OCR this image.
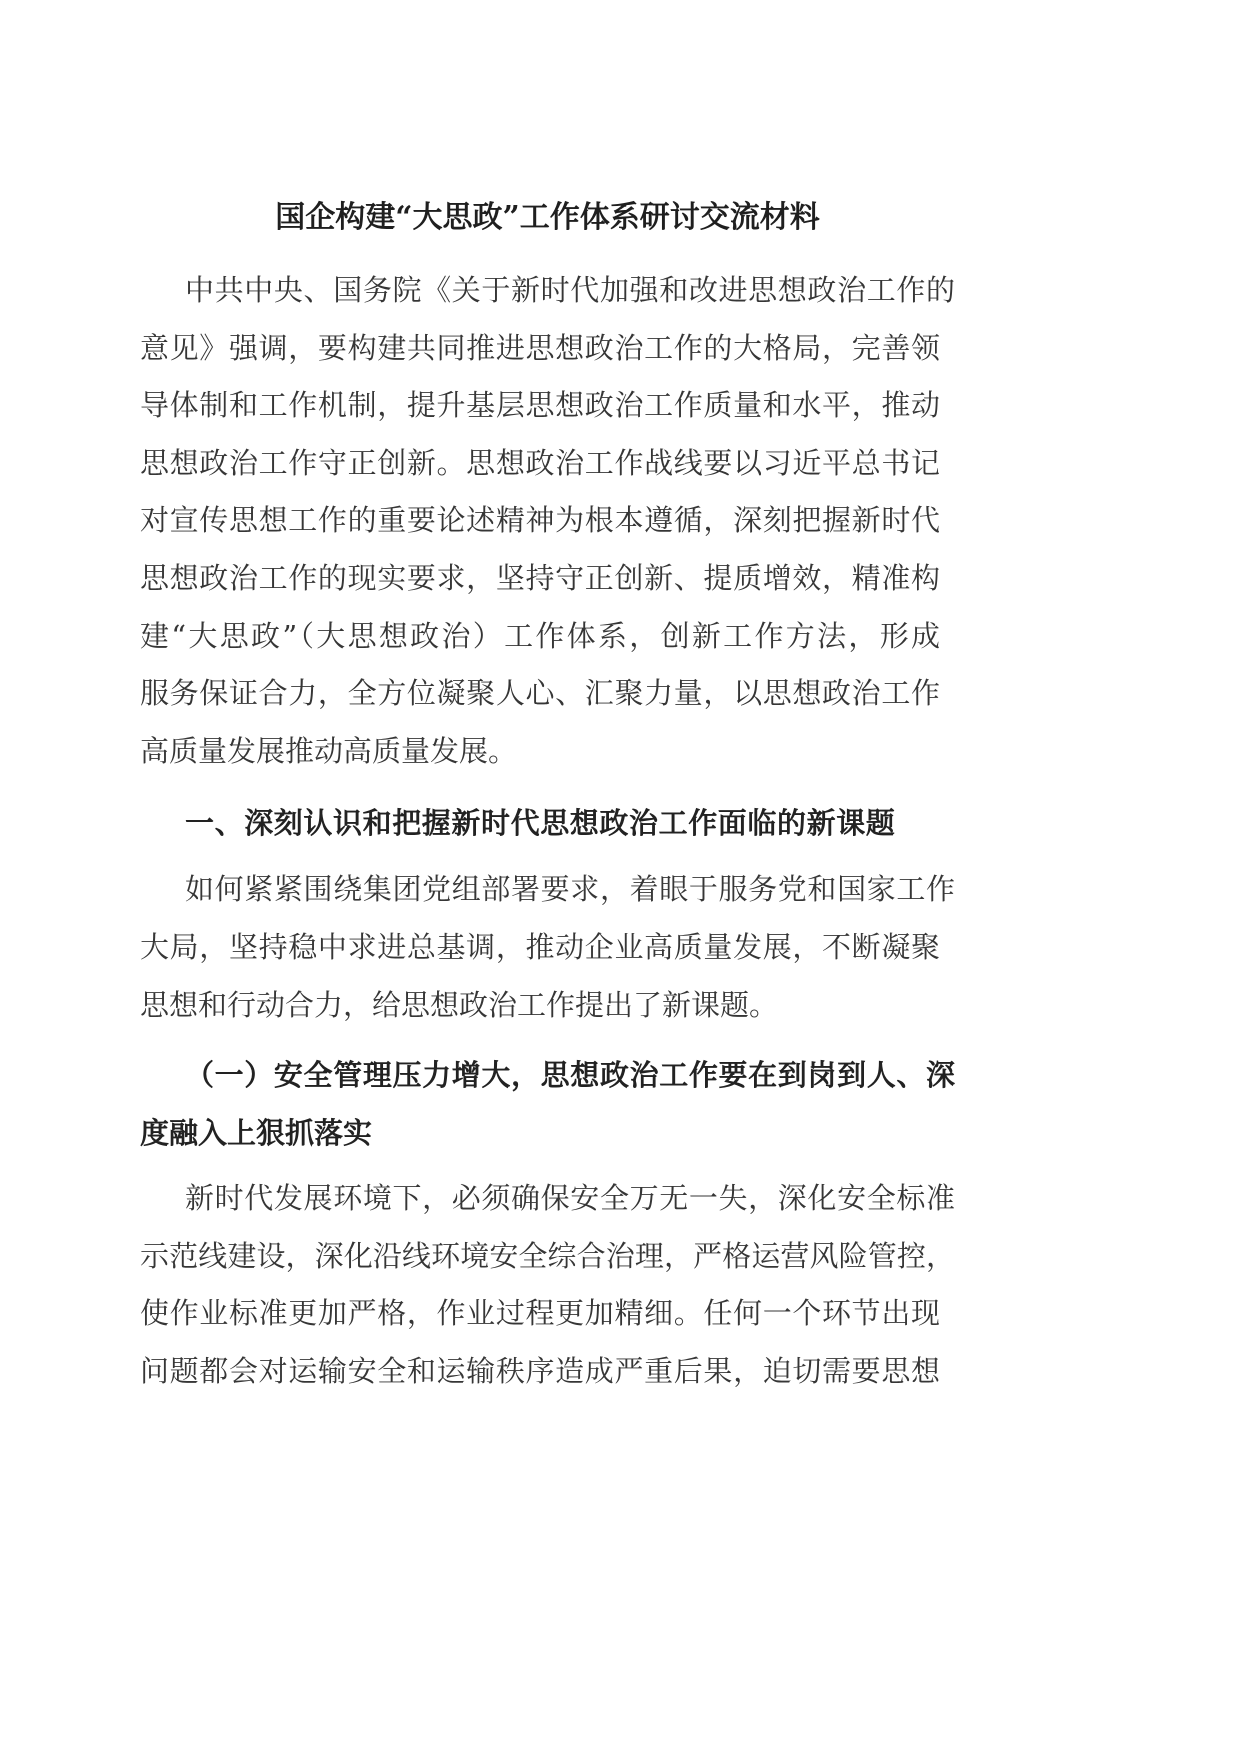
国企构建“大思政”工作体系研讨交流材料
中共中央、国务院《关于新时代加强和改进思想政治工作的
意见》强调，要构建共同推进思想政治工作的大格局，完善领
导体制和工作机制，提升基层思想政治工作质量和水平，推动
思想政治工作守正创新。思想政治工作战线要以习近平总书记
对宣传思想工作的重要论述精神为根本遵循，深刻把握新时代
思想政治工作的现实要求，坚持守正创新、提质增效，精准构
建“大思政”（大思想政治）工作体系，创新工作方法，形成
服务保证合力，全方位凝聚人心、汇聚力量，以思想政治工作
高质量发展推动高质量发展。
一、深刻认识和把握新时代思想政治工作面临的新课题
如何紧紧围绕集团党组部署要求，着眼于服务党和国家工作
大局，坚持稳中求进总基调，推动企业高质量发展，不断凝聚
思想和行动合力，给思想政治工作提出了新课题。
（一）安全管理压力增大，思想政治工作要在到岗到人、深
度融入上狠抓落实
新时代发展环境下，必须确保安全万无一失，深化安全标准
示范线建设，深化沿线环境安全综合治理，严格运营风险管控，
使作业标准更加严格，作业过程更加精细。任何一个环节出现
问题都会对运输安全和运输秩序造成严重后果，迫切需要思想
